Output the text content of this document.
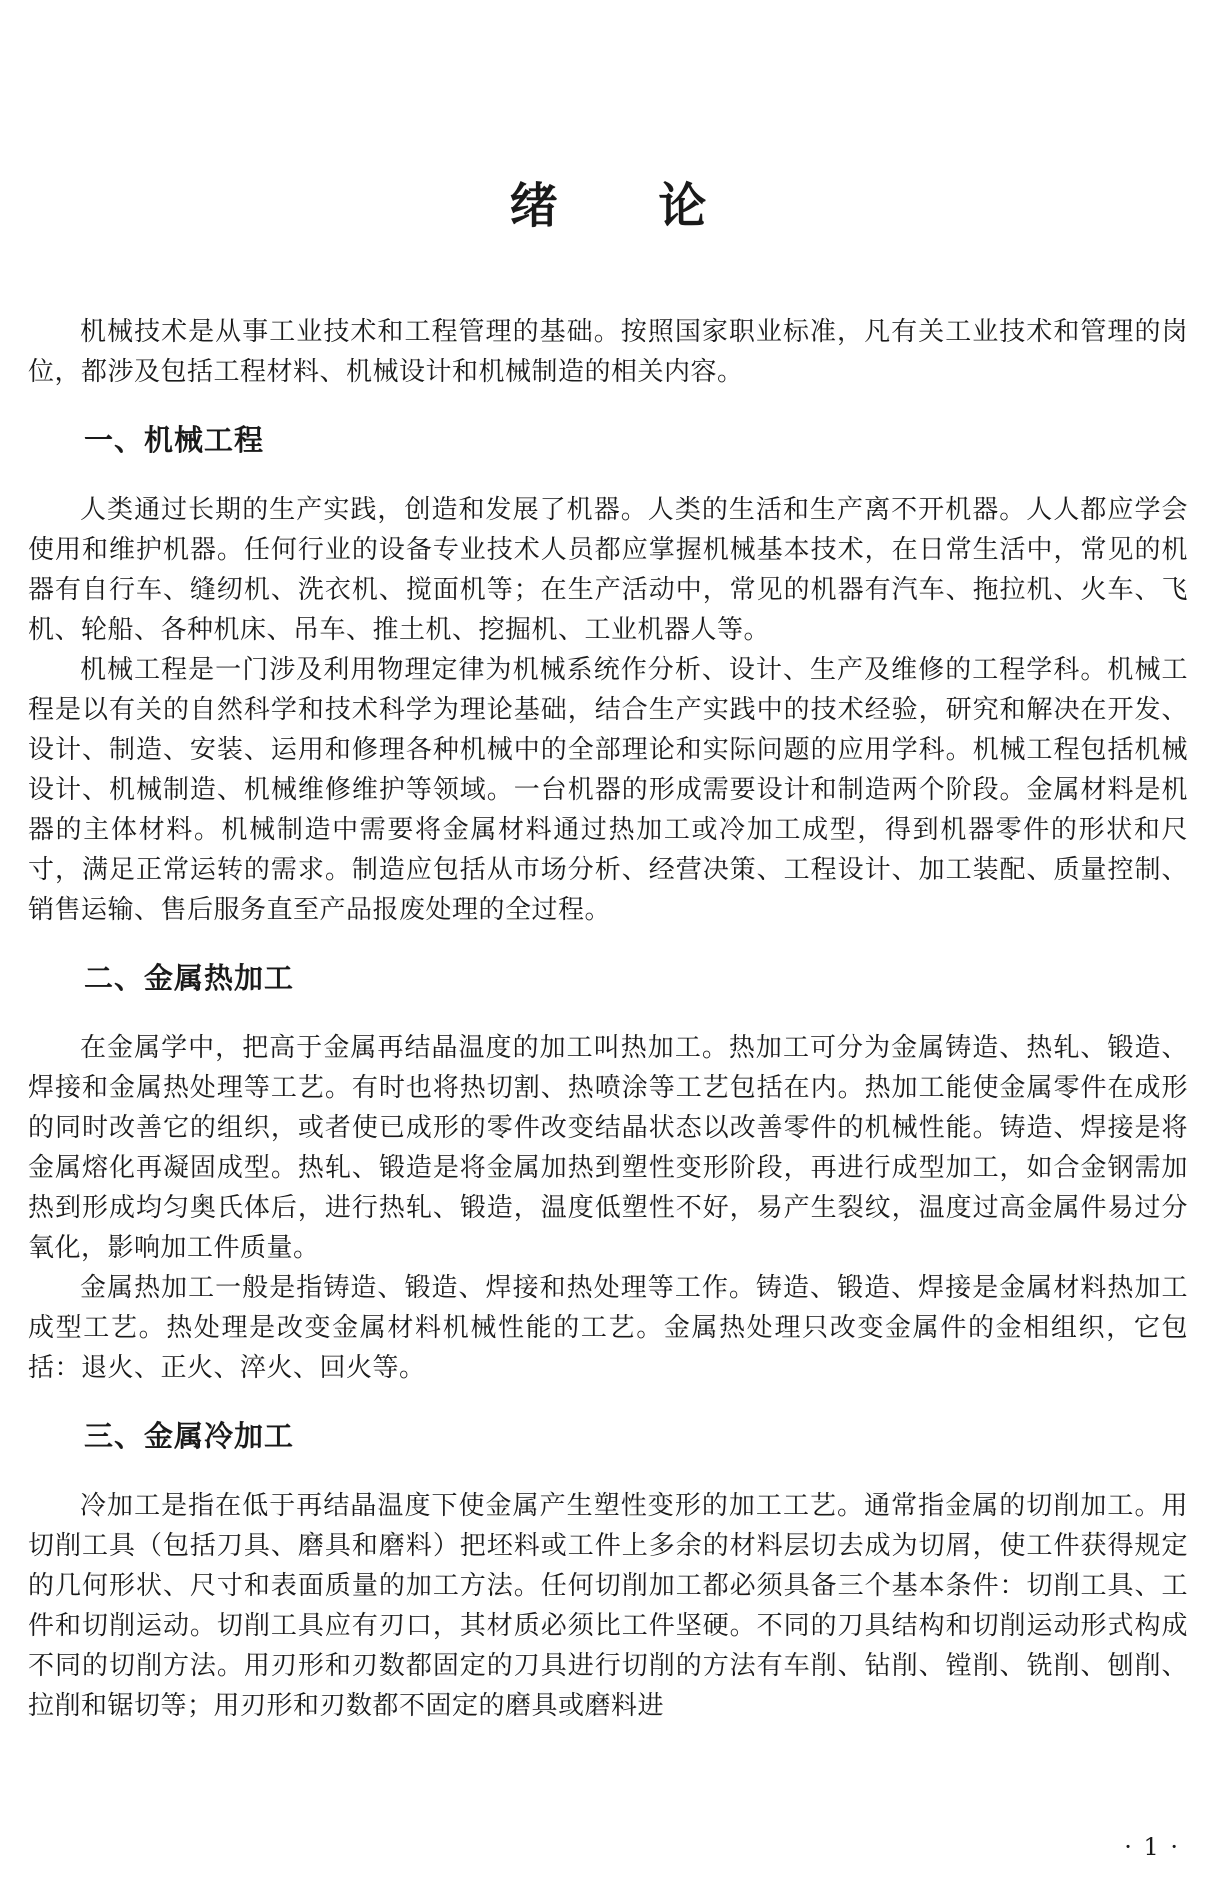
绪　论

机械技术是从事工业技术和工程管理的基础。按照国家职业标准，凡有关工业技术和管理的岗位，都涉及包括工程材料、机械设计和机械制造的相关内容。

一、机械工程

人类通过长期的生产实践，创造和发展了机器。人类的生活和生产离不开机器。人人都应学会使用和维护机器。任何行业的设备专业技术人员都应掌握机械基本技术，在日常生活中，常见的机器有自行车、缝纫机、洗衣机、搅面机等；在生产活动中，常见的机器有汽车、拖拉机、火车、飞机、轮船、各种机床、吊车、推土机、挖掘机、工业机器人等。

机械工程是一门涉及利用物理定律为机械系统作分析、设计、生产及维修的工程学科。机械工程是以有关的自然科学和技术科学为理论基础，结合生产实践中的技术经验，研究和解决在开发、设计、制造、安装、运用和修理各种机械中的全部理论和实际问题的应用学科。机械工程包括机械设计、机械制造、机械维修维护等领域。一台机器的形成需要设计和制造两个阶段。金属材料是机器的主体材料。机械制造中需要将金属材料通过热加工或冷加工成型，得到机器零件的形状和尺寸，满足正常运转的需求。制造应包括从市场分析、经营决策、工程设计、加工装配、质量控制、销售运输、售后服务直至产品报废处理的全过程。

二、金属热加工

在金属学中，把高于金属再结晶温度的加工叫热加工。热加工可分为金属铸造、热轧、锻造、焊接和金属热处理等工艺。有时也将热切割、热喷涂等工艺包括在内。热加工能使金属零件在成形的同时改善它的组织，或者使已成形的零件改变结晶状态以改善零件的机械性能。铸造、焊接是将金属熔化再凝固成型。热轧、锻造是将金属加热到塑性变形阶段，再进行成型加工，如合金钢需加热到形成均匀奥氏体后，进行热轧、锻造，温度低塑性不好，易产生裂纹，温度过高金属件易过分氧化，影响加工件质量。

金属热加工一般是指铸造、锻造、焊接和热处理等工作。铸造、锻造、焊接是金属材料热加工成型工艺。热处理是改变金属材料机械性能的工艺。金属热处理只改变金属件的金相组织，它包括：退火、正火、淬火、回火等。

三、金属冷加工

冷加工是指在低于再结晶温度下使金属产生塑性变形的加工工艺。通常指金属的切削加工。用切削工具（包括刀具、磨具和磨料）把坯料或工件上多余的材料层切去成为切屑，使工件获得规定的几何形状、尺寸和表面质量的加工方法。任何切削加工都必须具备三个基本条件：切削工具、工件和切削运动。切削工具应有刃口，其材质必须比工件坚硬。不同的刀具结构和切削运动形式构成不同的切削方法。用刃形和刃数都固定的刀具进行切削的方法有车削、钻削、镗削、铣削、刨削、拉削和锯切等；用刃形和刃数都不固定的磨具或磨料进

· 1 ·
